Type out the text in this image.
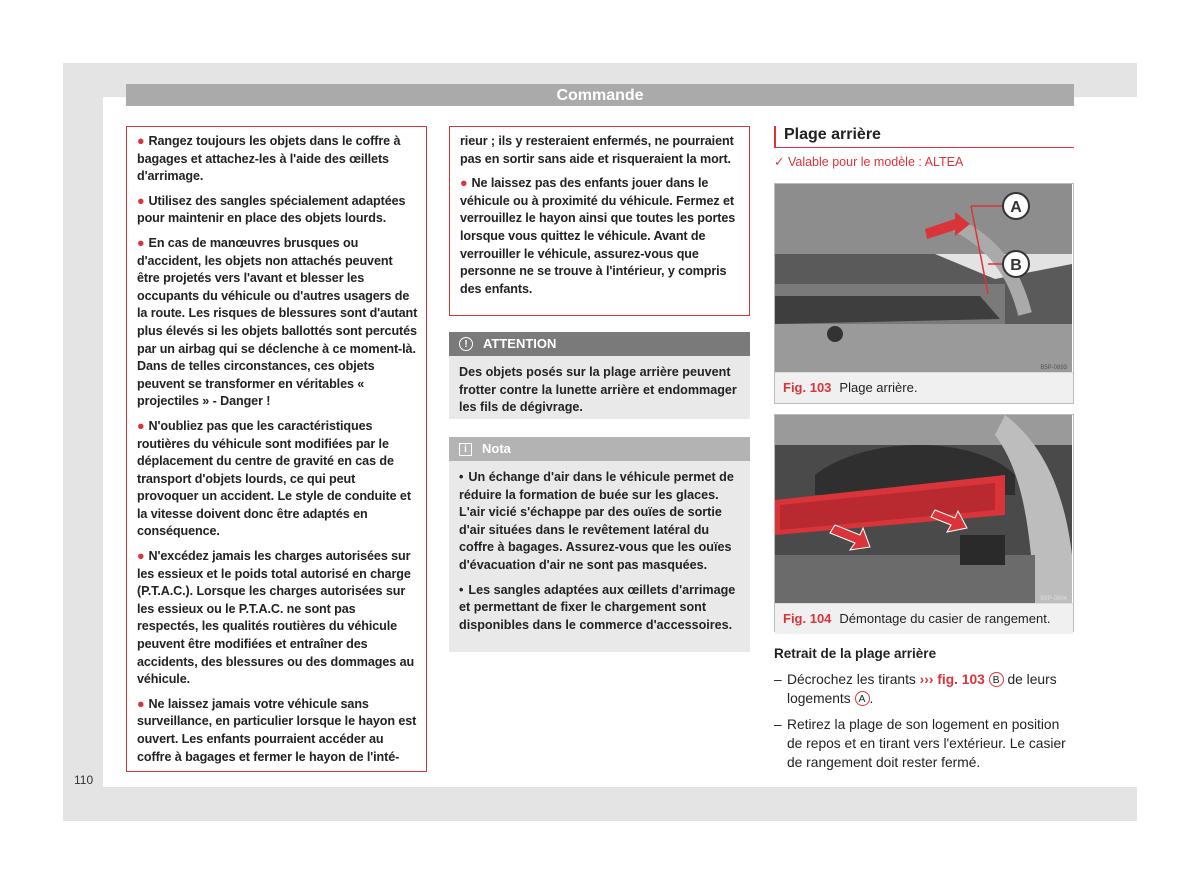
Commande

● Rangez toujours les objets dans le coffre à bagages et attachez-les à l'aide des œillets d'arrimage.

● Utilisez des sangles spécialement adaptées pour maintenir en place des objets lourds.

● En cas de manœuvres brusques ou d'accident, les objets non attachés peuvent être projetés vers l'avant et blesser les occupants du véhicule ou d'autres usagers de la route. Les risques de blessures sont d'autant plus élevés si les objets ballottés sont percutés par un airbag qui se déclenche à ce moment-là. Dans de telles circonstances, ces objets peuvent se transformer en véritables « projectiles » - Danger !

● N'oubliez pas que les caractéristiques routières du véhicule sont modifiées par le déplacement du centre de gravité en cas de transport d'objets lourds, ce qui peut provoquer un accident. Le style de conduite et la vitesse doivent donc être adaptés en conséquence.

● N'excédez jamais les charges autorisées sur les essieux et le poids total autorisé en charge (P.T.A.C.). Lorsque les charges autorisées sur les essieux ou le P.T.A.C. ne sont pas respectés, les qualités routières du véhicule peuvent être modifiées et entraîner des accidents, des blessures ou des dommages au véhicule.

● Ne laissez jamais votre véhicule sans surveillance, en particulier lorsque le hayon est ouvert. Les enfants pourraient accéder au coffre à bagages et fermer le hayon de l'inté-

rieur ; ils y resteraient enfermés, ne pourraient pas en sortir sans aide et risqueraient la mort.

● Ne laissez pas des enfants jouer dans le véhicule ou à proximité du véhicule. Fermez et verrouillez le hayon ainsi que toutes les portes lorsque vous quittez le véhicule. Avant de verrouiller le véhicule, assurez-vous que personne ne se trouve à l'intérieur, y compris des enfants.

!	ATTENTION

Des objets posés sur la plage arrière peuvent frotter contre la lunette arrière et endommager les fils de dégivrage.

i	Nota

• Un échange d'air dans le véhicule permet de réduire la formation de buée sur les glaces. L'air vicié s'échappe par des ouïes de sortie d'air situées dans le revêtement latéral du coffre à bagages. Assurez-vous que les ouïes d'évacuation d'air ne sont pas masquées.

• Les sangles adaptées aux œillets d'arrimage et permettant de fixer le chargement sont disponibles dans le commerce d'accessoires.

Plage arrière
✓ Valable pour le modèle : ALTEA
A
B
B5P-0893
Fig. 103 Plage arrière.
B5P-0894
Fig. 104 Démontage du casier de rangement.
Retrait de la plage arrière
– Décrochez les tirants ››› fig. 103 B de leurs logements A .
– Retirez la plage de son logement en position de repos et en tirant vers l'extérieur. Le casier de rangement doit rester fermé.
110
